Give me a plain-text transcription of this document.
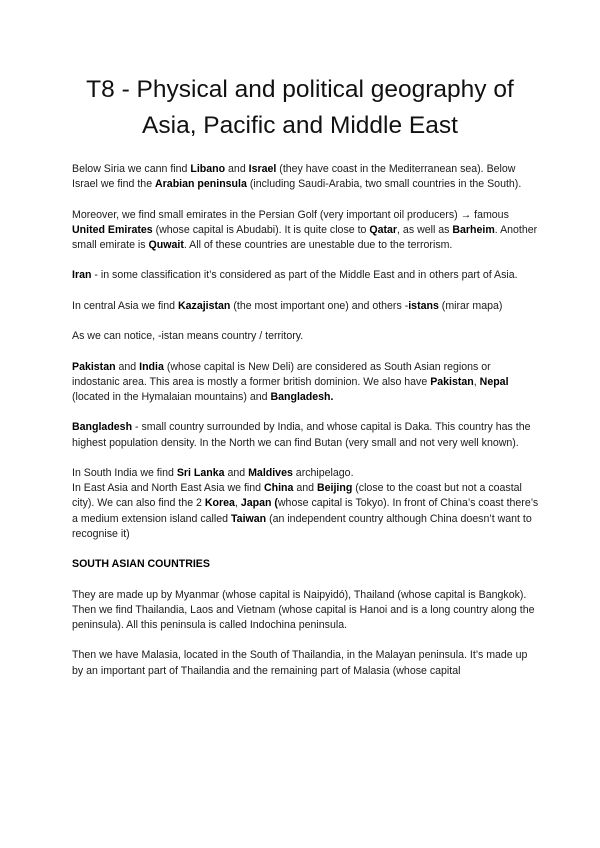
T8 - Physical and political geography of
Asia, Pacific and Middle East

Below Siria we cann find Libano and Israel (they have coast in the Mediterranean sea). Below Israel we find the Arabian peninsula (including Saudi-Arabia, two small countries in the South).

Moreover, we find small emirates in the Persian Golf (very important oil producers) → famous United Emirates (whose capital is Abudabi). It is quite close to Qatar, as well as Barheim. Another small emirate is Quwait. All of these countries are unestable due to the terrorism.

Iran - in some classification it’s considered as part of the Middle East and in others part of Asia.

In central Asia we find Kazajistan (the most important one) and others -istans (mirar mapa)

As we can notice, -istan means country / territory.

Pakistan and India (whose capital is New Deli) are considered as South Asian regions or indostanic area. This area is mostly a former british dominion. We also have Pakistan, Nepal (located in the Hymalaian mountains) and Bangladesh.

Bangladesh - small country surrounded by India, and whose capital is Daka. This country has the highest population density. In the North we can find Butan (very small and not very well known).

In South India we find Sri Lanka and Maldives archipelago.

In East Asia and North East Asia we find China and Beijing (close to the coast but not a coastal city). We can also find the 2 Korea, Japan (whose capital is Tokyo). In front of China’s coast there’s a medium extension island called Taiwan (an independent country although China doesn’t want to recognise it)

SOUTH ASIAN COUNTRIES

They are made up by Myanmar (whose capital is Naipyidó), Thailand (whose capital is Bangkok). Then we find Thailandia, Laos and Vietnam (whose capital is Hanoi and is a long country along the peninsula). All this peninsula is called Indochina peninsula.

Then we have Malasia, located in the South of Thailandia, in the Malayan peninsula. It’s made up by an important part of Thailandia and the remaining part of Malasia (whose capital
